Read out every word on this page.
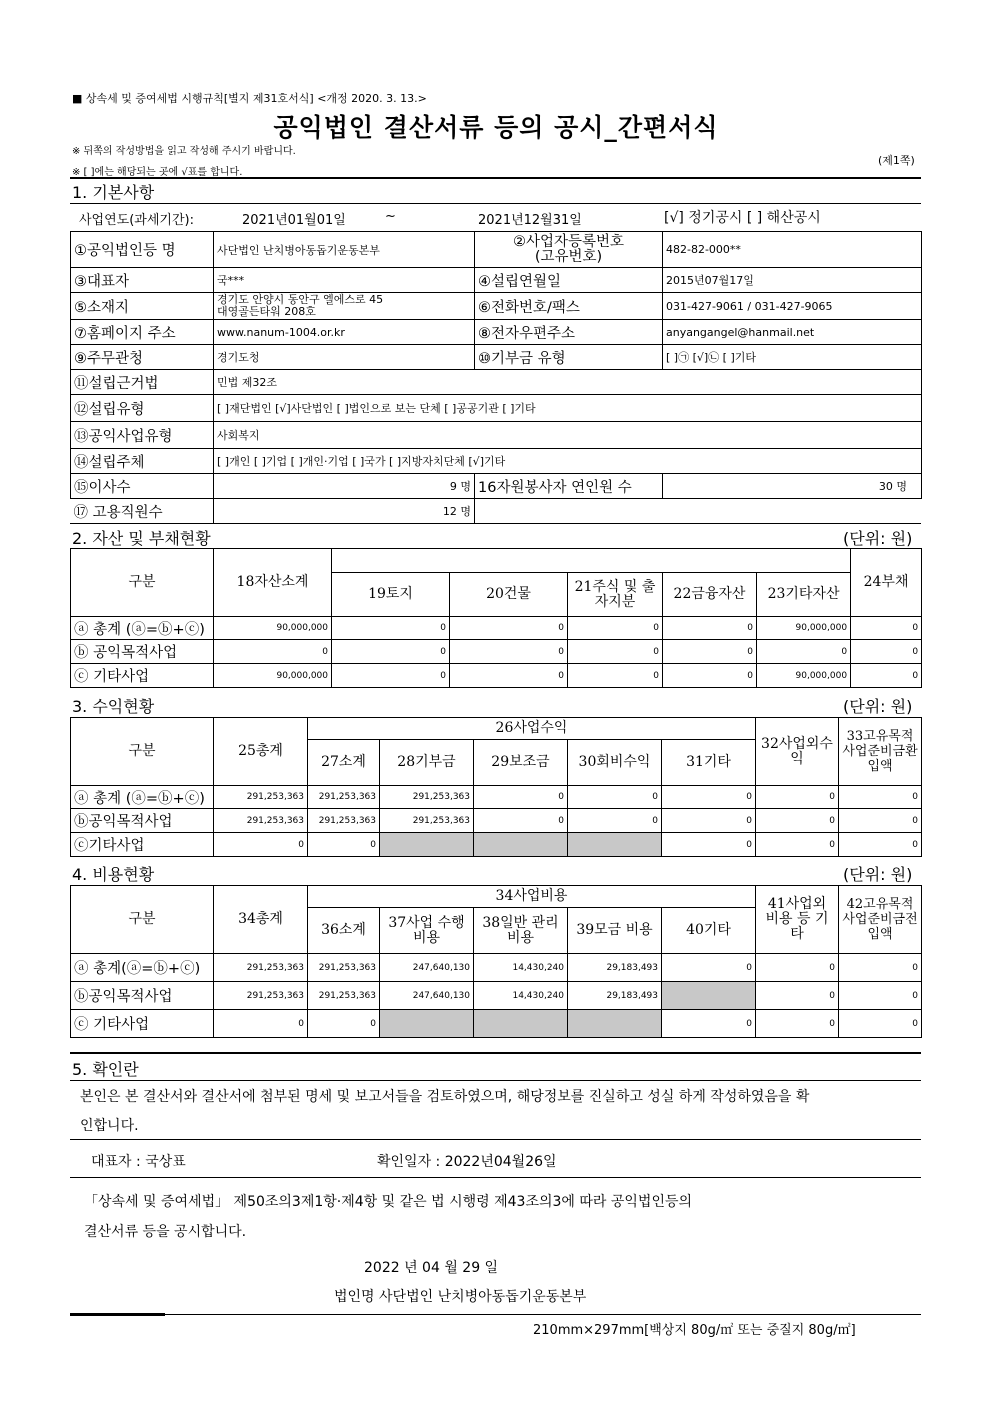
■ 상속세 및 증여세법 시행규칙[별지 제31호서식] <개정 2020. 3. 13.>
공익법인 결산서류 등의 공시_간편서식
※ 뒤쪽의 작성방법을 읽고 작성해 주시기 바랍니다.
※ [ ]에는 해당되는 곳에 √표를 합니다.
(제1쪽)
1. 기본사항
사업연도(과세기간):	2021년01월01일	~	2021년12월31일	[√] 정기공시 [ ] 해산공시
①공익법인등 명	사단법인 난치병아동돕기운동본부	②사업자등록번호
(고유번호)	482-82-000**
③대표자	국***	④설립연월일	2015년07월17일
⑤소재지	경기도 안양시 동안구 엘에스로 45
대영골든타워 208호	⑥전화번호/팩스	031-427-9061 / 031-427-9065
⑦홈페이지 주소	www.nanum-1004.or.kr	⑧전자우편주소	anyangangel@hanmail.net
⑨주무관청	경기도청	⑩기부금 유형	[ ]㉠ [√]㉡ [ ]기타
⑪설립근거법	민법 제32조		
⑫설립유형	[ ]재단법인 [√]사단법인 [ ]법인으로 보는 단체 [ ]공공기관 [ ]기타		
⑬공익사업유형	사회복지		
⑭설립주체	[ ]개인 [ ]기업 [ ]개인·기업 [ ]국가 [ ]지방자치단체 [√]기타		
⑮이사수	9 명	16자원봉사자 연인원 수	30 명
⑰ 고용직원수	12 명		
2. 자산 및 부채현황	(단위: 원)
구분	18자산소계						24부채
		19토지	20건물	21주식 및 출자지분	22금융자산	23기타자산	
ⓐ 총계 (ⓐ=ⓑ+ⓒ)	90,000,000	0	0	0	0	90,000,000	0
ⓑ 공익목적사업	0	0	0	0	0	0	0
ⓒ 기타사업	90,000,000	0	0	0	0	90,000,000	0
3. 수익현황	(단위: 원)
구분	25총계	26사업수익					32사업외수익	33고유목적사업준비금환입액
		27소계	28기부금	29보조금	30회비수익	31기타		
ⓐ 총계 (ⓐ=ⓑ+ⓒ)	291,253,363	291,253,363	291,253,363	0	0	0	0	0
ⓑ공익목적사업	291,253,363	291,253,363	291,253,363	0	0	0	0	0
ⓒ기타사업	0	0				0	0	0
4. 비용현황	(단위: 원)
구분	34총계	34사업비용					41사업외 비용 등 기타	42고유목적사업준비금전입액
		36소계	37사업 수행비용	38일반 관리비용	39모금 비용	40기타		
ⓐ 총계(ⓐ=ⓑ+ⓒ)	291,253,363	291,253,363	247,640,130	14,430,240	29,183,493	0	0	0
ⓑ공익목적사업	291,253,363	291,253,363	247,640,130	14,430,240	29,183,493		0	0
ⓒ 기타사업	0	0				0	0	0
5. 확인란
본인은 본 결산서와 결산서에 첨부된 명세 및 보고서들을 검토하였으며, 해당정보를 진실하고 성실 하게 작성하였음을 확
인합니다.
대표자 : 국상표	확인일자 : 2022년04월26일
「상속세 및 증여세법」 제50조의3제1항·제4항 및 같은 법 시행령 제43조의3에 따라 공익법인등의
결산서류 등을 공시합니다.
2022 년 04 월 29 일
법인명 사단법인 난치병아동돕기운동본부
210mm×297mm[백상지 80g/㎡ 또는 중질지 80g/㎡]
